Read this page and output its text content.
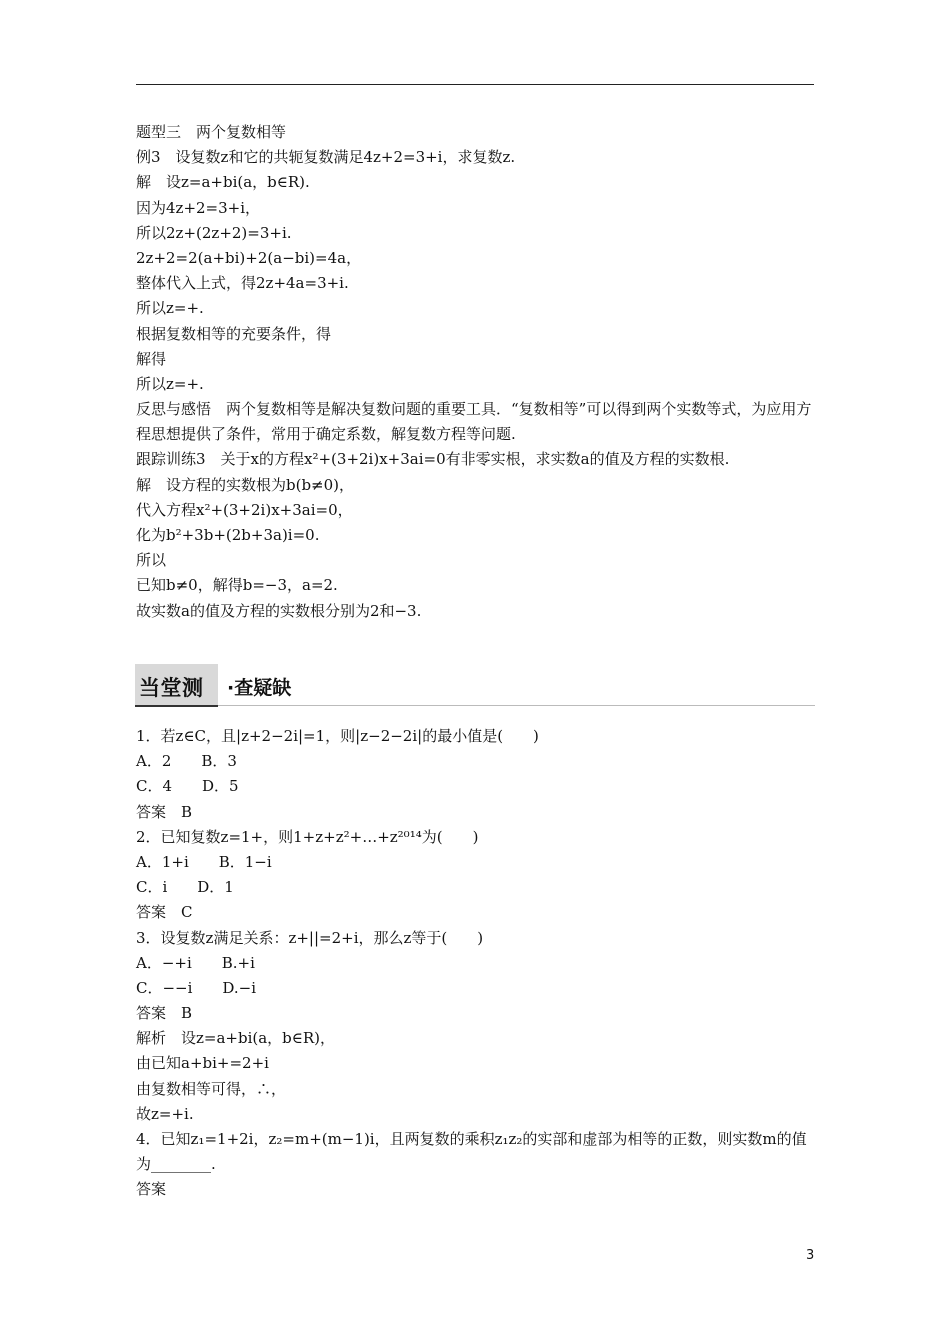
题型三　两个复数相等
例3　设复数z和它的共轭复数满足4z+2=3+i，求复数z.
解　设z=a+bi(a，b∈R).
因为4z+2=3+i，
所以2z+(2z+2)=3+i.
2z+2=2(a+bi)+2(a−bi)=4a，
整体代入上式，得2z+4a=3+i.
所以z=+.
根据复数相等的充要条件，得
解得
所以z=+.
反思与感悟　两个复数相等是解决复数问题的重要工具．“复数相等”可以得到两个实数等式，为应用方程思想提供了条件，常用于确定系数，解复数方程等问题.
跟踪训练3　关于x的方程x²+(3+2i)x+3ai=0有非零实根，求实数a的值及方程的实数根.
解　设方程的实数根为b(b≠0)，
代入方程x²+(3+2i)x+3ai=0，
化为b²+3b+(2b+3a)i=0.
所以
已知b≠0，解得b=−3，a=2.
故实数a的值及方程的实数根分别为2和−3.
当堂测 ·查疑缺
1．若z∈C，且|z+2−2i|=1，则|z−2−2i|的最小值是(　　)
A．2　　B．3
C．4　　D．5
答案　B
2．已知复数z=1+，则1+z+z²+…+z²⁰¹⁴为(　　)
A．1+i　　B．1−i
C．i　　D．1
答案　C
3．设复数z满足关系：z+||=2+i，那么z等于(　　)
A．−+i　　B.+i
C．−−i　　D.−i
答案　B
解析　设z=a+bi(a，b∈R)，
由已知a+bi+=2+i
由复数相等可得，∴，
故z=+i.
4．已知z₁=1+2i，z₂=m+(m−1)i，且两复数的乘积z₁z₂的实部和虚部为相等的正数，则实数m的值为________.
答案
3
